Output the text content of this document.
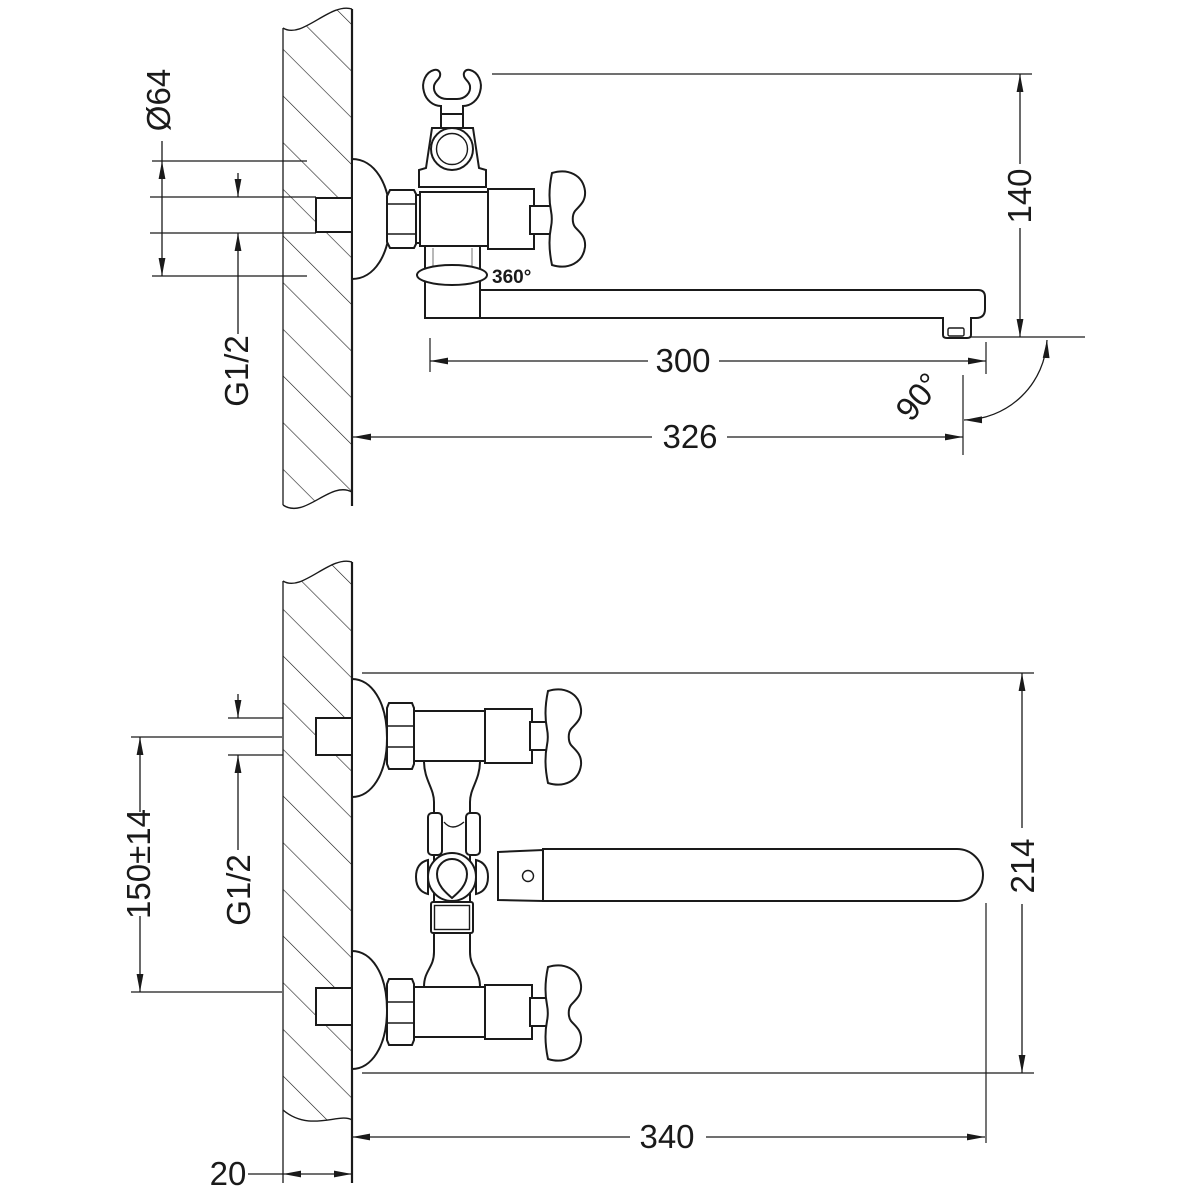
Ø64
G1/2
360°
140
300
326
90°
150±14 G1/2	214
340
20
